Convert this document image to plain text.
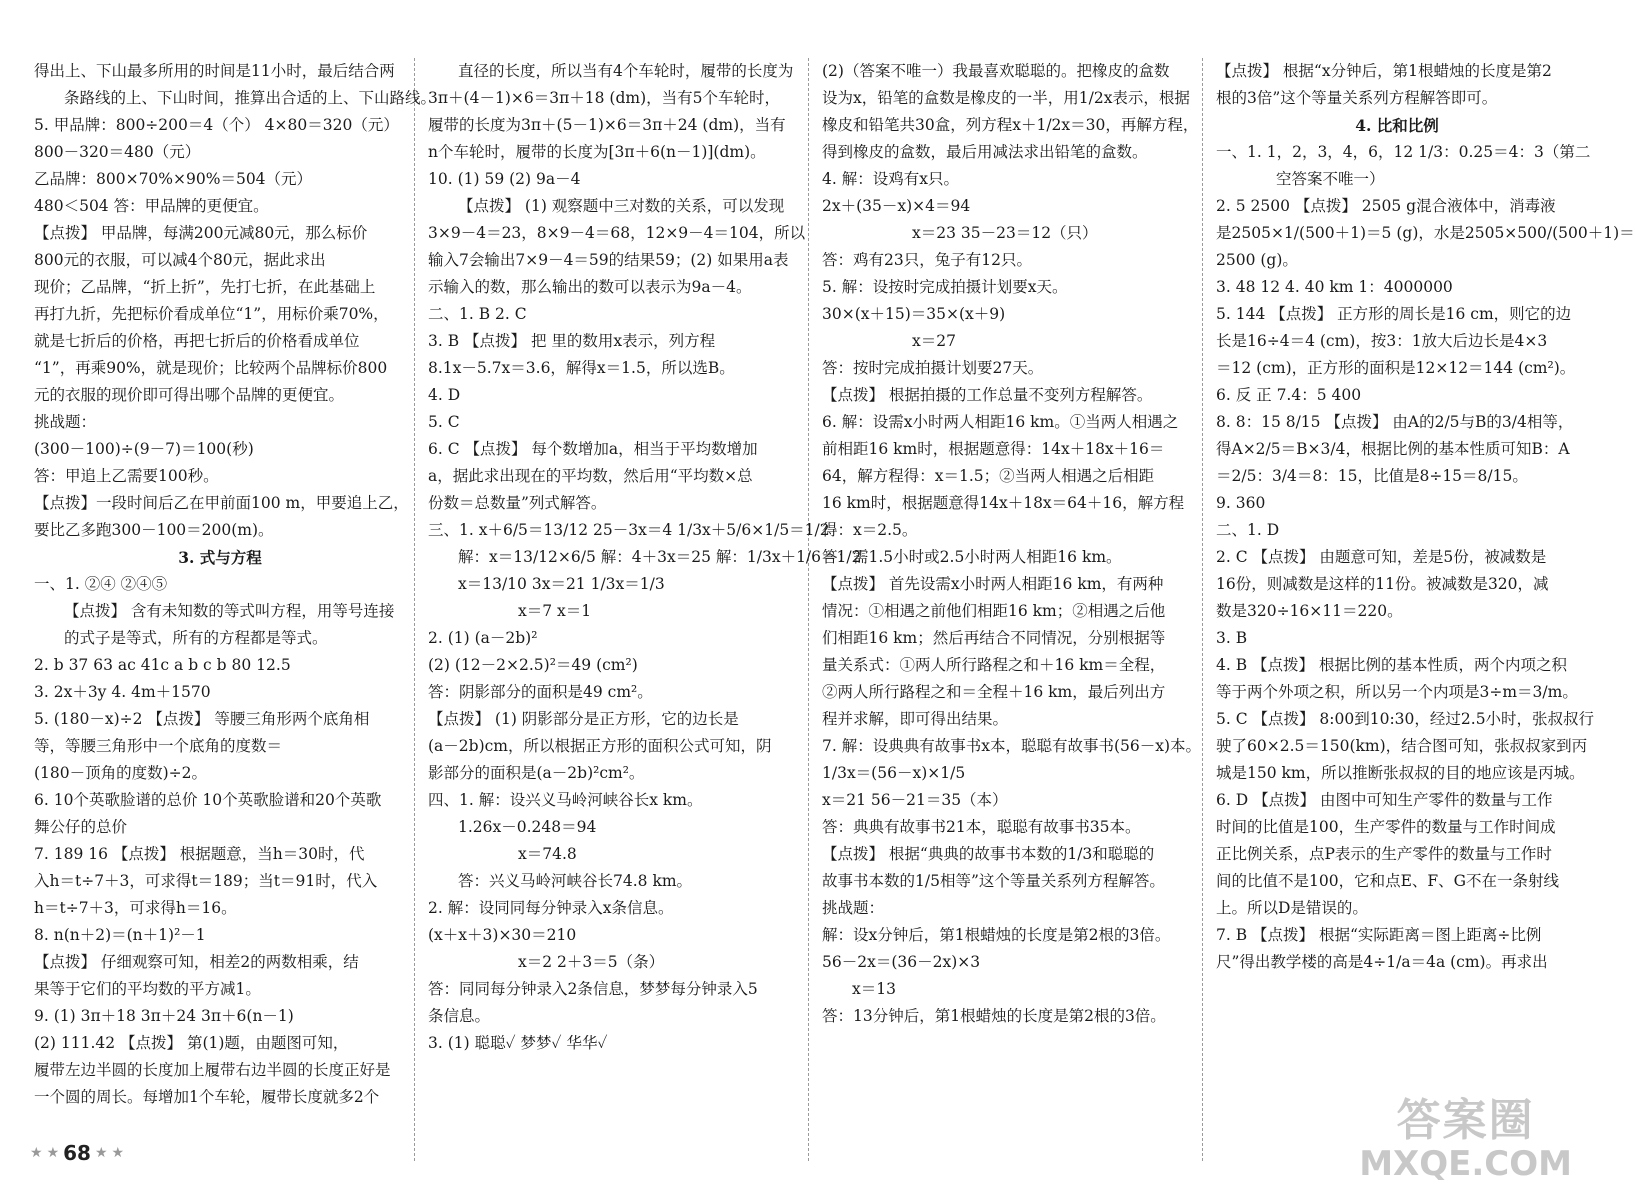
得出上、下山最多所用的时间是11小时，最后结合两
条路线的上、下山时间，推算出合适的上、下山路线。
5. 甲品牌：800÷200＝4（个） 4×80＝320（元）
800－320＝480（元）
乙品牌：800×70%×90%＝504（元）
480＜504 答：甲品牌的更便宜。
【点拨】 甲品牌，每满200元减80元，那么标价
800元的衣服，可以减4个80元，据此求出
现价；乙品牌，“折上折”，先打七折，在此基础上
再打九折，先把标价看成单位“1”，用标价乘70%，
就是七折后的价格，再把七折后的价格看成单位
“1”，再乘90%，就是现价；比较两个品牌标价800
元的衣服的现价即可得出哪个品牌的更便宜。
挑战题：
(300－100)÷(9－7)＝100(秒)
答：甲追上乙需要100秒。
【点拨】一段时间后乙在甲前面100 m，甲要追上乙，
要比乙多跑300－100＝200(m)。
3. 式与方程
一、1. ②④ ②④⑤
【点拨】 含有未知数的等式叫方程，用等号连接
的式子是等式，所有的方程都是等式。
2. b 37 63 ac 41c a b c b 80 12.5
3. 2x＋3y 4. 4m＋1570
5. (180－x)÷2 【点拨】 等腰三角形两个底角相
等，等腰三角形中一个底角的度数＝
(180－顶角的度数)÷2。
6. 10个英歌脸谱的总价 10个英歌脸谱和20个英歌
舞公仔的总价
7. 189 16 【点拨】 根据题意，当h＝30时，代
入h＝t÷7＋3，可求得t＝189；当t＝91时，代入
h＝t÷7＋3，可求得h＝16。
8. n(n＋2)＝(n＋1)²－1
【点拨】 仔细观察可知，相差2的两数相乘，结
果等于它们的平均数的平方减1。
9. (1) 3π＋18 3π＋24 3π＋6(n－1)
(2) 111.42 【点拨】 第(1)题，由题图可知，
履带左边半圆的长度加上履带右边半圆的长度正好是
一个圆的周长。每增加1个车轮，履带长度就多2个
直径的长度，所以当有4个车轮时，履带的长度为
3π＋(4－1)×6＝3π＋18 (dm)，当有5个车轮时，
履带的长度为3π＋(5－1)×6＝3π＋24 (dm)，当有
n个车轮时，履带的长度为[3π＋6(n－1)](dm)。
10. (1) 59 (2) 9a－4
【点拨】 (1) 观察题中三对数的关系，可以发现
3×9－4＝23，8×9－4＝68，12×9－4＝104，所以
输入7会输出7×9－4＝59的结果59；(2) 如果用a表
示输入的数，那么输出的数可以表示为9a－4。
二、1. B 2. C
3. B 【点拨】 把 里的数用x表示，列方程
8.1x－5.7x＝3.6，解得x＝1.5，所以选B。
4. D
5. C
6. C 【点拨】 每个数增加a，相当于平均数增加
a，据此求出现在的平均数，然后用“平均数×总
份数＝总数量”列式解答。
三、1. x＋6/5＝13/12 25－3x＝4 1/3x＋5/6×1/5＝1/2
解：x＝13/12×6/5 解：4＋3x＝25 解：1/3x＋1/6＝1/2
x＝13/10 3x＝21 1/3x＝1/3
x＝7 x＝1
2. (1) (a－2b)²
(2) (12－2×2.5)²＝49 (cm²)
答：阴影部分的面积是49 cm²。
【点拨】 (1) 阴影部分是正方形，它的边长是
(a－2b)cm，所以根据正方形的面积公式可知，阴
影部分的面积是(a－2b)²cm²。
四、1. 解：设兴义马岭河峡谷长x km。
1.26x－0.248＝94
x＝74.8
答：兴义马岭河峡谷长74.8 km。
2. 解：设同同每分钟录入x条信息。
(x＋x＋3)×30＝210
x＝2 2＋3＝5（条）
答：同同每分钟录入2条信息，梦梦每分钟录入5
条信息。
3. (1) 聪聪✓ 梦梦✓ 华华✓
(2)（答案不唯一）我最喜欢聪聪的。把橡皮的盒数
设为x，铅笔的盒数是橡皮的一半，用1/2x表示，根据
橡皮和铅笔共30盒，列方程x＋1/2x＝30，再解方程，
得到橡皮的盒数，最后用减法求出铅笔的盒数。
4. 解：设鸡有x只。
2x＋(35－x)×4＝94
x＝23 35－23＝12（只）
答：鸡有23只，兔子有12只。
5. 解：设按时完成拍摄计划要x天。
30×(x＋15)＝35×(x＋9)
x＝27
答：按时完成拍摄计划要27天。
【点拨】 根据拍摄的工作总量不变列方程解答。
6. 解：设需x小时两人相距16 km。①当两人相遇之
前相距16 km时，根据题意得：14x＋18x＋16＝
64，解方程得：x＝1.5；②当两人相遇之后相距
16 km时，根据题意得14x＋18x＝64＋16，解方程
得：x＝2.5。
答：需1.5小时或2.5小时两人相距16 km。
【点拨】 首先设需x小时两人相距16 km，有两种
情况：①相遇之前他们相距16 km；②相遇之后他
们相距16 km；然后再结合不同情况，分别根据等
量关系式：①两人所行路程之和＋16 km＝全程，
②两人所行路程之和＝全程＋16 km，最后列出方
程并求解，即可得出结果。
7. 解：设典典有故事书x本，聪聪有故事书(56－x)本。
1/3x＝(56－x)×1/5
x＝21 56－21＝35（本）
答：典典有故事书21本，聪聪有故事书35本。
【点拨】 根据“典典的故事书本数的1/3和聪聪的
故事书本数的1/5相等”这个等量关系列方程解答。
挑战题：
解：设x分钟后，第1根蜡烛的长度是第2根的3倍。
56－2x＝(36－2x)×3
x＝13
答：13分钟后，第1根蜡烛的长度是第2根的3倍。
【点拨】 根据“x分钟后，第1根蜡烛的长度是第2
根的3倍”这个等量关系列方程解答即可。
4. 比和比例
一、1. 1，2，3，4，6，12 1/3：0.25＝4：3（第二
空答案不唯一）
2. 5 2500 【点拨】 2505 g混合液体中，消毒液
是2505×1/(500＋1)＝5 (g)，水是2505×500/(500＋1)＝
2500 (g)。
3. 48 12 4. 40 km 1：4000000
5. 144 【点拨】 正方形的周长是16 cm，则它的边
长是16÷4＝4 (cm)，按3：1放大后边长是4×3
＝12 (cm)，正方形的面积是12×12＝144 (cm²)。
6. 反 正 7.4：5 400
8. 8：15 8/15 【点拨】 由A的2/5与B的3/4相等，
得A×2/5＝B×3/4，根据比例的基本性质可知B：A
＝2/5：3/4＝8：15，比值是8÷15＝8/15。
9. 360
二、1. D
2. C 【点拨】 由题意可知，差是5份，被减数是
16份，则减数是这样的11份。被减数是320，减
数是320÷16×11＝220。
3. B
4. B 【点拨】 根据比例的基本性质，两个内项之积
等于两个外项之积，所以另一个内项是3÷m＝3/m。
5. C 【点拨】 8:00到10:30，经过2.5小时，张叔叔行
驶了60×2.5＝150(km)，结合图可知，张叔叔家到丙
城是150 km，所以推断张叔叔的目的地应该是丙城。
6. D 【点拨】 由图中可知生产零件的数量与工作
时间的比值是100，生产零件的数量与工作时间成
正比例关系，点P表示的生产零件的数量与工作时
间的比值不是100，它和点E、F、G不在一条射线
上。所以D是错误的。
7. B 【点拨】 根据“实际距离＝图上距离÷比例
尺”得出教学楼的高是4÷1/a＝4a (cm)。再求出
★ ★ 68 ★ ★
答案圈
MXQE.COM
